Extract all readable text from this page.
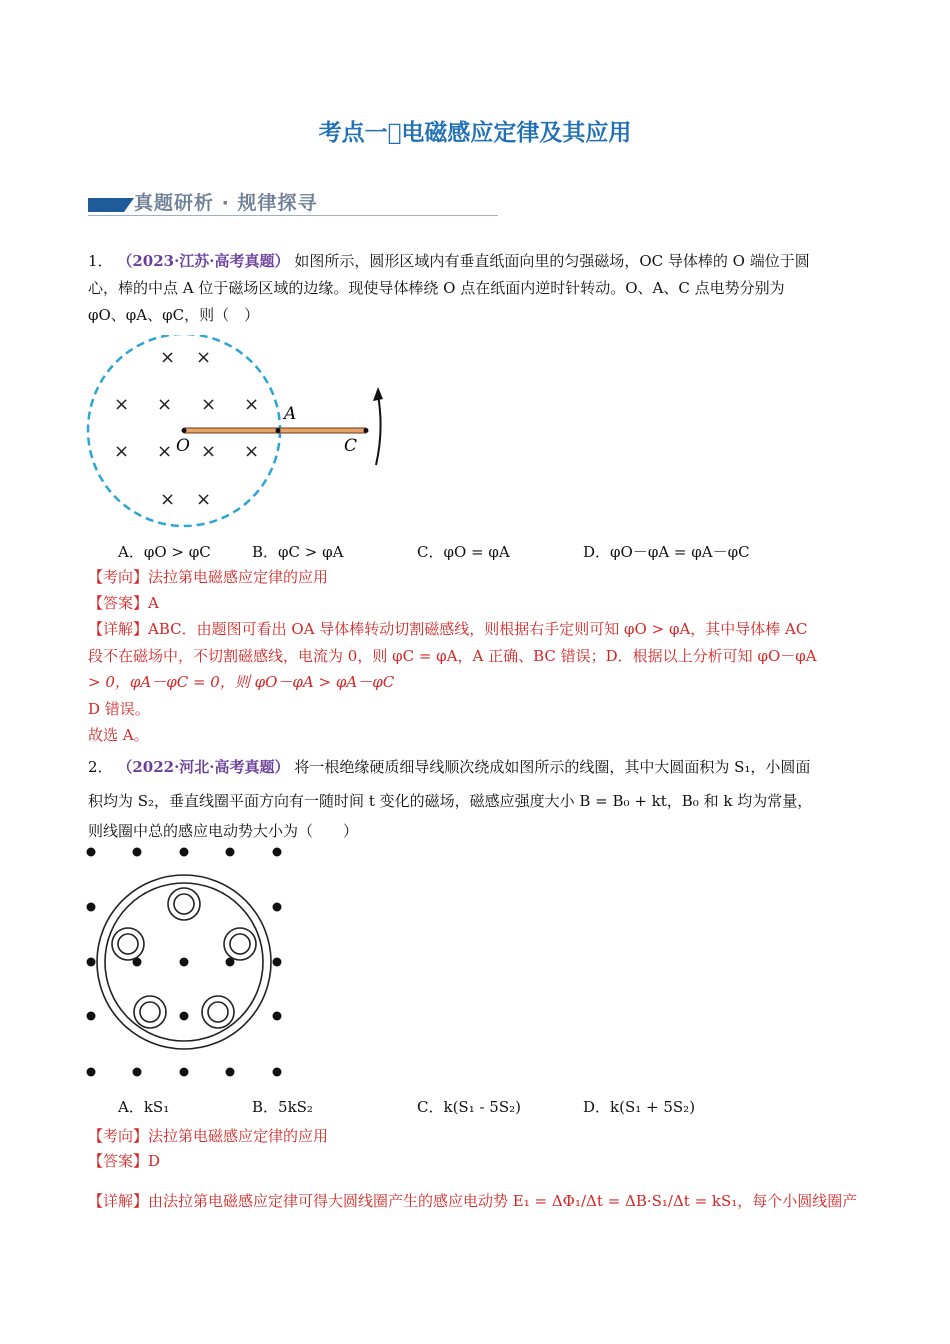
考点一 电磁感应定律及其应用
真题研析 · 规律探寻
1． （2023·江苏·高考真题） 如图所示，圆形区域内有垂直纸面向里的匀强磁场，OC 导体棒的 O 端位于圆
心，棒的中点 A 位于磁场区域的边缘。现使导体棒绕 O 点在纸面内逆时针转动。O、A、C 点电势分别为
φO、φA、φC，则（　）
× ×
× × × ×
× × × ×
× ×
O
A
C
A．φO > φC	B．φC > φA	C．φO = φA	D．φO－φA = φA－φC
【考向】法拉第电磁感应定律的应用
【答案】A
【详解】ABC．由题图可看出 OA 导体棒转动切割磁感线，则根据右手定则可知 φO > φA，其中导体棒 AC
段不在磁场中，不切割磁感线，电流为 0，则 φC = φA，A 正确、BC 错误；D．根据以上分析可知 φO－φA
> 0，φA－φC = 0，则 φO－φA > φA－φC
D 错误。
故选 A。
2． （2022·河北·高考真题） 将一根绝缘硬质细导线顺次绕成如图所示的线圈，其中大圆面积为 S₁，小圆面
积均为 S₂，垂直线圈平面方向有一随时间 t 变化的磁场，磁感应强度大小 B = B₀ + kt，B₀ 和 k 均为常量，
则线圈中总的感应电动势大小为（　　）
A．kS₁	B．5kS₂	C．k(S₁ - 5S₂)	D．k(S₁ + 5S₂)
【考向】法拉第电磁感应定律的应用
【答案】D
【详解】由法拉第电磁感应定律可得大圆线圈产生的感应电动势 E₁ = ΔΦ₁/Δt = ΔB·S₁/Δt = kS₁，每个小圆线圈产
